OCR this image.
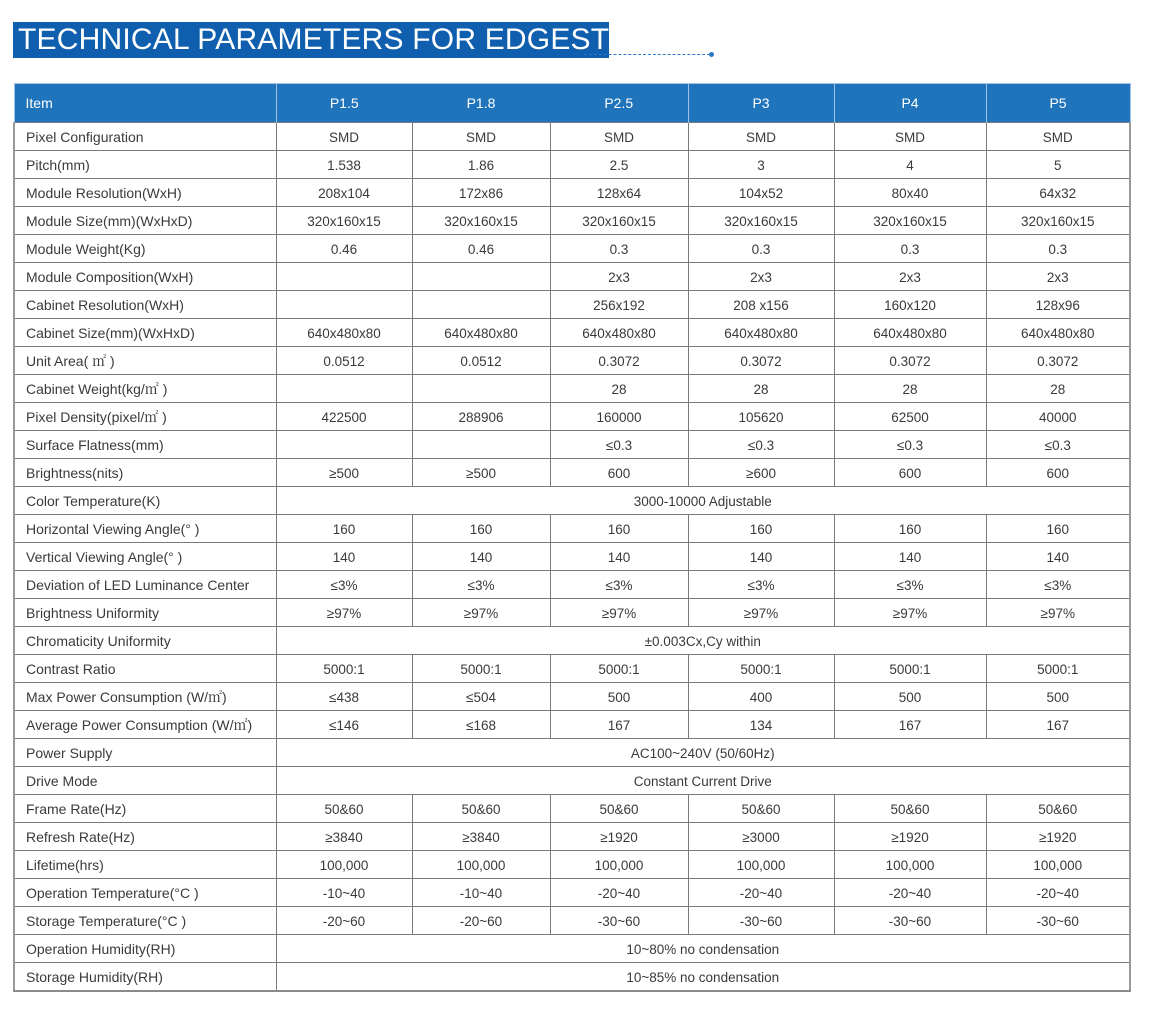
TECHNICAL PARAMETERS FOR EDGESTER
Item	P1.5	P1.8	P2.5	P3	P4	P5
Pixel Configuration	SMD	SMD	SMD	SMD	SMD	SMD
Pitch(mm)	1.538	1.86	2.5	3	4	5
Module Resolution(WxH)	208x104	172x86	128x64	104x52	80x40	64x32
Module Size(mm)(WxHxD)	320x160x15	320x160x15	320x160x15	320x160x15	320x160x15	320x160x15
Module Weight(Kg)	0.46	0.46	0.3	0.3	0.3	0.3
Module Composition(WxH)			2x3	2x3	2x3	2x3
Cabinet Resolution(WxH)			256x192	208 x156	160x120	128x96
Cabinet Size(mm)(WxHxD)	640x480x80	640x480x80	640x480x80	640x480x80	640x480x80	640x480x80
Unit Area( ㎡ )	0.0512	0.0512	0.3072	0.3072	0.3072	0.3072
Cabinet Weight(kg/㎡ )			28	28	28	28
Pixel Density(pixel/㎡ )	422500	288906	160000	105620	62500	40000
Surface Flatness(mm)			≤0.3	≤0.3	≤0.3	≤0.3
Brightness(nits)	≥500	≥500	600	≥600	600	600
Color Temperature(K)	3000-10000 Adjustable					
Horizontal Viewing Angle(° )	160	160	160	160	160	160
Vertical Viewing Angle(° )	140	140	140	140	140	140
Deviation of LED Luminance Center	≤3%	≤3%	≤3%	≤3%	≤3%	≤3%
Brightness Uniformity	≥97%	≥97%	≥97%	≥97%	≥97%	≥97%
Chromaticity Uniformity	±0.003Cx,Cy within					
Contrast Ratio	5000:1	5000:1	5000:1	5000:1	5000:1	5000:1
Max Power Consumption (W/㎡)	≤438	≤504	500	400	500	500
Average Power Consumption (W/㎡)	≤146	≤168	167	134	167	167
Power Supply	AC100~240V (50/60Hz)					
Drive Mode	Constant Current Drive					
Frame Rate(Hz)	50&60	50&60	50&60	50&60	50&60	50&60
Refresh Rate(Hz)	≥3840	≥3840	≥1920	≥3000	≥1920	≥1920
Lifetime(hrs)	100,000	100,000	100,000	100,000	100,000	100,000
Operation Temperature(°C )	-10~40	-10~40	-20~40	-20~40	-20~40	-20~40
Storage Temperature(°C )	-20~60	-20~60	-30~60	-30~60	-30~60	-30~60
Operation Humidity(RH)	10~80% no condensation					
Storage Humidity(RH)	10~85% no condensation					
